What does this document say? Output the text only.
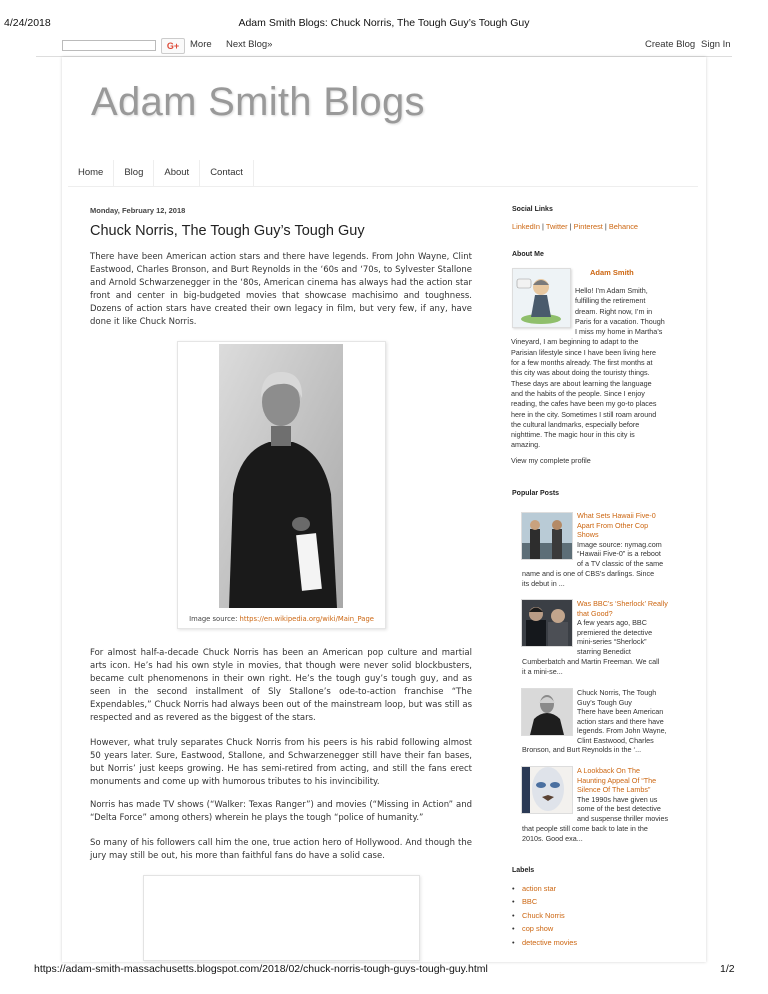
4/24/2018	Adam Smith Blogs: Chuck Norris, The Tough Guy’s Tough Guy
G+	More Next Blog»	Create Blog Sign In
Adam Smith Blogs
Home	Blog	About	Contact
Monday, February 12, 2018
Chuck Norris, The Tough Guy’s Tough Guy

There have been American action stars and there have legends. From John Wayne, Clint Eastwood, Charles Bronson, and Burt Reynolds in the ‘60s and ‘70s, to Sylvester Stallone and Arnold Schwarzenegger in the ‘80s, American cinema has always had the action star front and center in big-budgeted movies that showcase machisimo and toughness. Dozens of action stars have created their own legacy in film, but very few, if any, have done it like Chuck Norris.

Image source: https://en.wikipedia.org/wiki/Main_Page

For almost half-a-decade Chuck Norris has been an American pop culture and martial arts icon. He’s had his own style in movies, that though were never solid blockbusters, became cult phenomenons in their own right. He’s the tough guy’s tough guy, and as seen in the second installment of Sly Stallone’s ode-to-action franchise “The Expendables,” Chuck Norris had always been out of the mainstream loop, but was still as respected and as revered as the biggest of the stars.

However, what truly separates Chuck Norris from his peers is his rabid following almost 50 years later. Sure, Eastwood, Stallone, and Schwarzenegger still have their fan bases, but Norris’ just keeps growing. He has semi-retired from acting, and still the fans erect monuments and come up with humorous tributes to his invincibility.

Norris has made TV shows (“Walker: Texas Ranger”) and movies (“Missing in Action” and “Delta Force” among others) wherein he plays the tough “police of humanity.”

So many of his followers call him the one, true action hero of Hollywood. And though the jury may still be out, his more than faithful fans do have a solid case.

Social Links
LinkedIn | Twitter | Pinterest | Behance
About Me
Adam Smith
Hello! I’m Adam Smith,
fulfilling the retirement
dream. Right now, I’m in
Paris for a vacation. Though
I miss my home in Martha’s
Vineyard, I am beginning to adapt to the
Parisian lifestyle since I have been living here
for a few months already. The first months at
this city was about doing the touristy things.
These days are about learning the language
and the habits of the people. Since I enjoy
reading, the cafes have been my go-to places
here in the city. Sometimes I still roam around
the cultural landmarks, especially before
nighttime. The magic hour in this city is
amazing.
View my complete profile
Popular Posts
What Sets Hawaii Five-0
Apart From Other Cop
Shows
Image source: nymag.com
“Hawaii Five-0” is a reboot
of a TV classic of the same
name and is one of CBS’s darlings. Since
its debut in ...
Was BBC’s ‘Sherlock’ Really
that Good?
A few years ago, BBC
premiered the detective
mini-series “Sherlock”
starring Benedict
Cumberbatch and Martin Freeman. We call
it a mini-se...
Chuck Norris, The Tough
Guy’s Tough Guy
There have been American
action stars and there have
legends. From John Wayne,
Clint Eastwood, Charles
Bronson, and Burt Reynolds in the ‘...
A Lookback On The
Haunting Appeal Of “The
Silence Of The Lambs”
The 1990s have given us
some of the best detective
and suspense thriller movies
that people still come back to late in the
2010s. Good exa...
Labels
• action star
• BBC
• Chuck Norris
• cop show
• detective movies
https://adam-smith-massachusetts.blogspot.com/2018/02/chuck-norris-tough-guys-tough-guy.html	1/2
